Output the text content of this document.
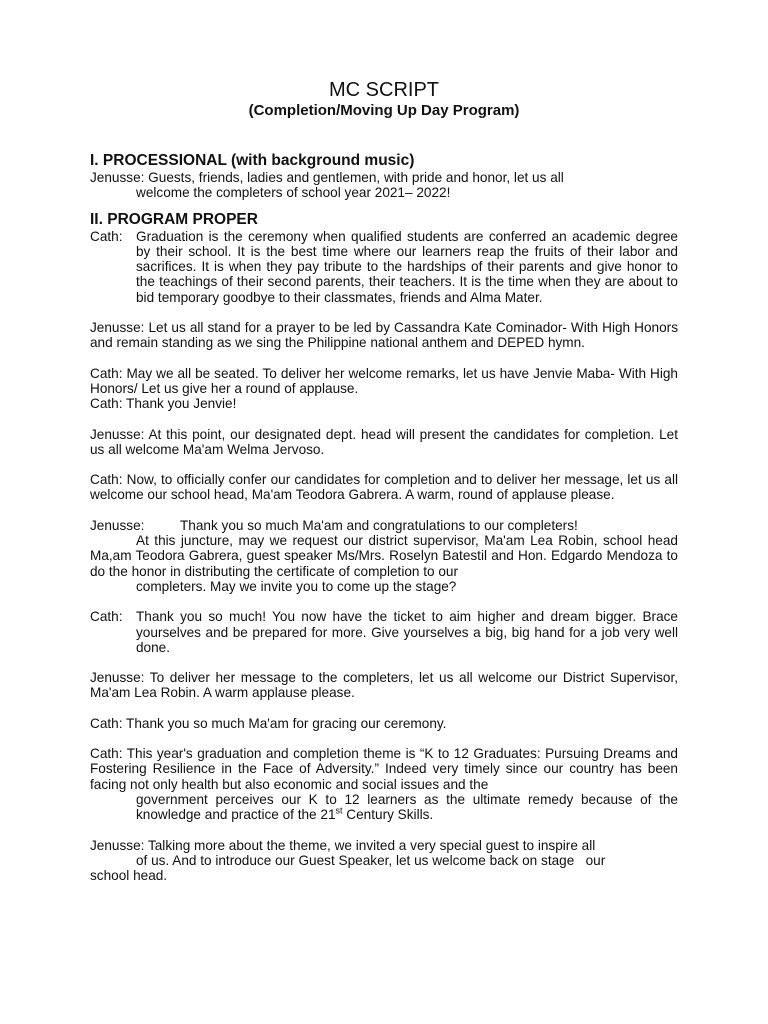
MC SCRIPT
(Completion/Moving Up Day Program)
I. PROCESSIONAL (with background music)

Jenusse: Guests, friends, ladies and gentlemen, with pride and honor, let us all

welcome the completers of school year 2021– 2022!

II. PROGRAM PROPER

Cath: Graduation is the ceremony when qualified students are conferred an academic degree by their school. It is the best time where our learners reap the fruits of their labor and sacrifices. It is when they pay tribute to the hardships of their parents and give honor to the teachings of their second parents, their teachers. It is the time when they are about to bid temporary goodbye to their classmates, friends and Alma Mater.

Jenusse: Let us all stand for a prayer to be led by Cassandra Kate Cominador- With High Honors and remain standing as we sing the Philippine national anthem and DEPED hymn.

Cath: May we all be seated. To deliver her welcome remarks, let us have Jenvie Maba- With High Honors/ Let us give her a round of applause.

Cath: Thank you Jenvie!

Jenusse: At this point, our designated dept. head will present the candidates for completion. Let us all welcome Ma'am Welma Jervoso.

Cath: Now, to officially confer our candidates for completion and to deliver her message, let us all welcome our school head, Ma'am Teodora Gabrera. A warm, round of applause please.

Jenusse:	Thank you so much Ma'am and congratulations to our completers!

At this juncture, may we request our district supervisor, Ma'am Lea Robin, school head Ma,am Teodora Gabrera, guest speaker Ms/Mrs. Roselyn Batestil and Hon. Edgardo Mendoza to do the honor in distributing the certificate of completion to our

completers. May we invite you to come up the stage?

Cath: Thank you so much! You now have the ticket to aim higher and dream bigger. Brace yourselves and be prepared for more. Give yourselves a big, big hand for a job very well done.

Jenusse: To deliver her message to the completers, let us all welcome our District Supervisor, Ma'am Lea Robin. A warm applause please.

Cath: Thank you so much Ma'am for gracing our ceremony.

Cath: This year's graduation and completion theme is “K to 12 Graduates: Pursuing Dreams and Fostering Resilience in the Face of Adversity.” Indeed very timely since our country has been facing not only health but also economic and social issues and the

government perceives our K to 12 learners as the ultimate remedy because of the knowledge and practice of the 21st Century Skills.

Jenusse: Talking more about the theme, we invited a very special guest to inspire all

of us. And to introduce our Guest Speaker, let us welcome back on stage   our

school head.
